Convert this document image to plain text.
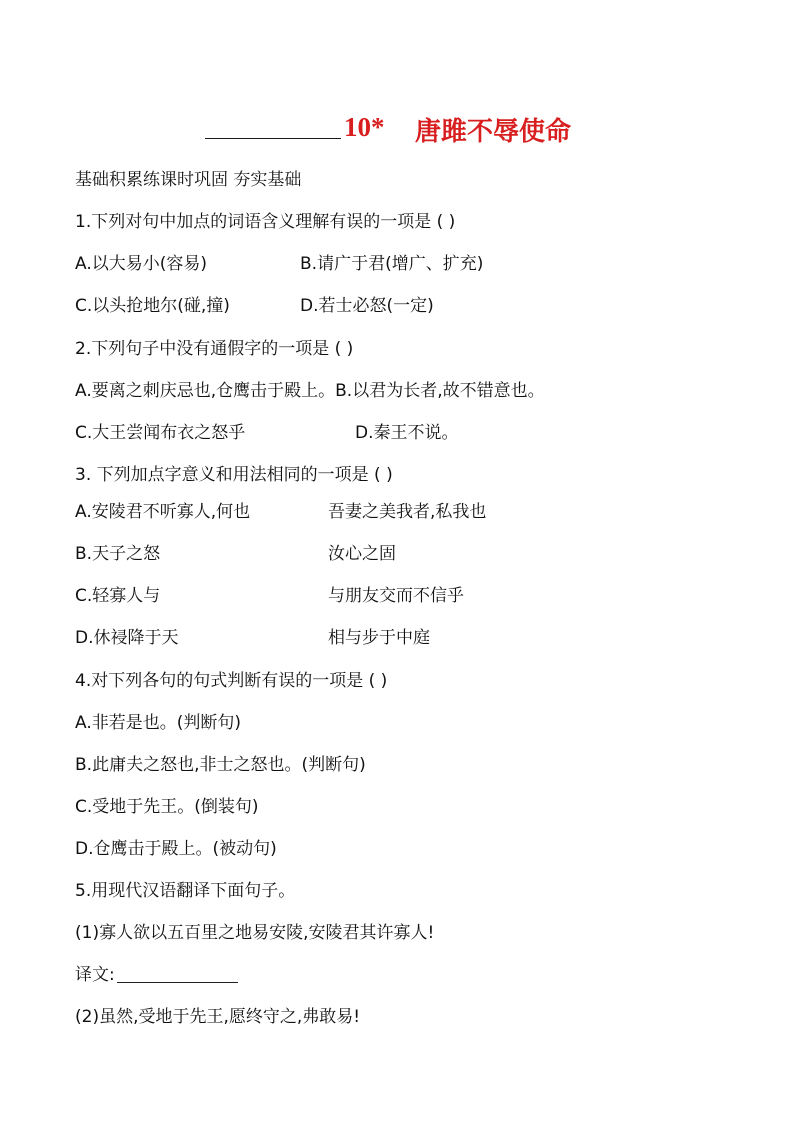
10* 唐雎不辱使命
基础积累练课时巩固 夯实基础
1.下列对句中加点的词语含义理解有误的一项是 ( )
A.以大易小(容易)	B.请广于君(增广、扩充)
C.以头抢地尔(碰,撞)	D.若士必怒(一定)
2.下列句子中没有通假字的一项是 ( )
A.要离之刺庆忌也,仓鹰击于殿上。B.以君为长者,故不错意也。
C.大王尝闻布衣之怒乎	D.秦王不说。
3. 下列加点字意义和用法相同的一项是 ( )
A.安陵君不听寡人,何也	吾妻之美我者,私我也
B.天子之怒	汝心之固
C.轻寡人与	与朋友交而不信乎
D.休祲降于天	相与步于中庭
4.对下列各句的句式判断有误的一项是 ( )
A.非若是也。(判断句)
B.此庸夫之怒也,非士之怒也。(判断句)
C.受地于先王。(倒装句)
D.仓鹰击于殿上。(被动句)
5.用现代汉语翻译下面句子。
(1)寡人欲以五百里之地易安陵,安陵君其许寡人!
译文:
(2)虽然,受地于先王,愿终守之,弗敢易!
